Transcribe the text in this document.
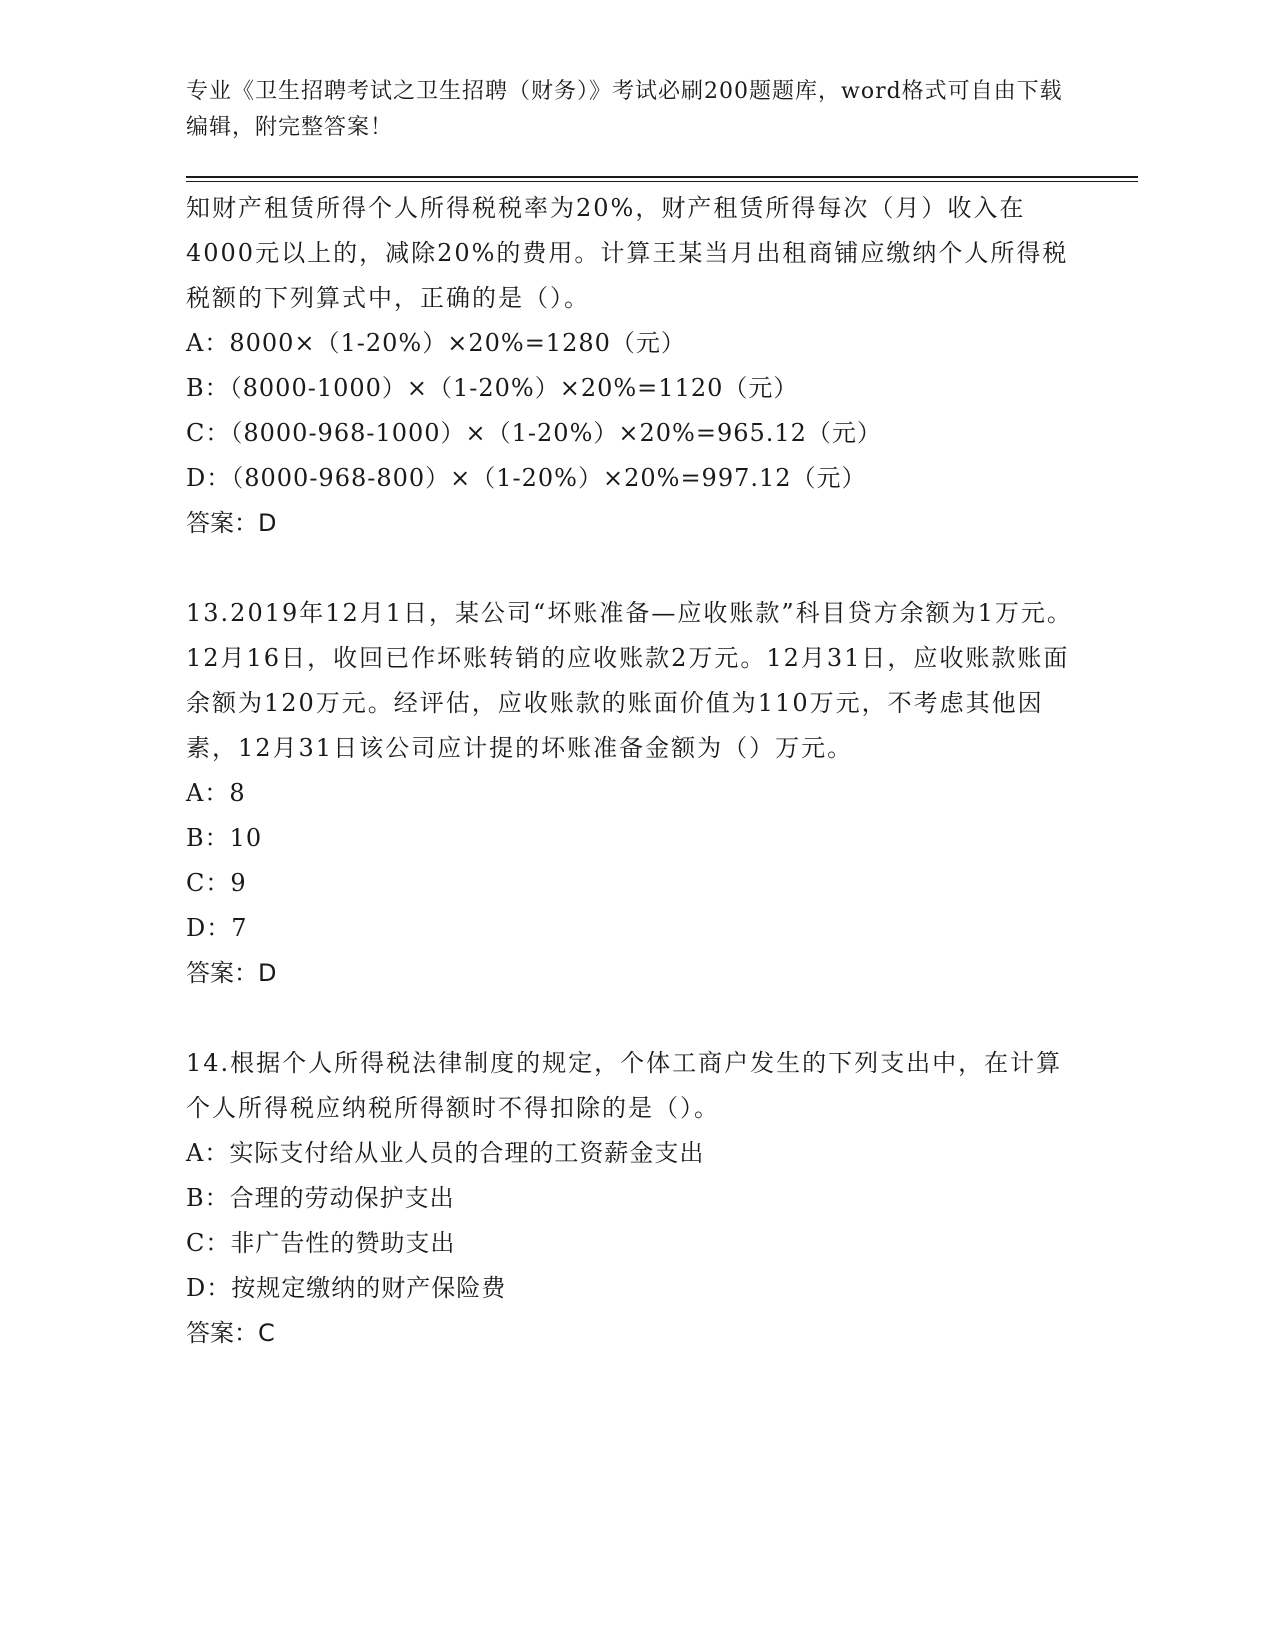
专业《卫生招聘考试之卫生招聘（财务）》考试必刷200题题库，word格式可自由下载编辑，附完整答案！

知财产租赁所得个人所得税税率为20%，财产租赁所得每次（月）收入在4000元以上的，减除20%的费用。计算王某当月出租商铺应缴纳个人所得税税额的下列算式中，正确的是（）。

A：8000×（1-20%）×20%=1280（元）

B：（8000-1000）×（1-20%）×20%=1120（元）

C：（8000-968-1000）×（1-20%）×20%=965.12（元）

D：（8000-968-800）×（1-20%）×20%=997.12（元）

答案：D

13.2019年12月1日，某公司“坏账准备—应收账款”科目贷方余额为1万元。12月16日，收回已作坏账转销的应收账款2万元。12月31日，应收账款账面余额为120万元。经评估，应收账款的账面价值为110万元，不考虑其他因素，12月31日该公司应计提的坏账准备金额为（）万元。

A：8

B：10

C：9

D：7

答案：D

14.根据个人所得税法律制度的规定，个体工商户发生的下列支出中，在计算个人所得税应纳税所得额时不得扣除的是（）。

A：实际支付给从业人员的合理的工资薪金支出

B：合理的劳动保护支出

C：非广告性的赞助支出

D：按规定缴纳的财产保险费

答案：C
